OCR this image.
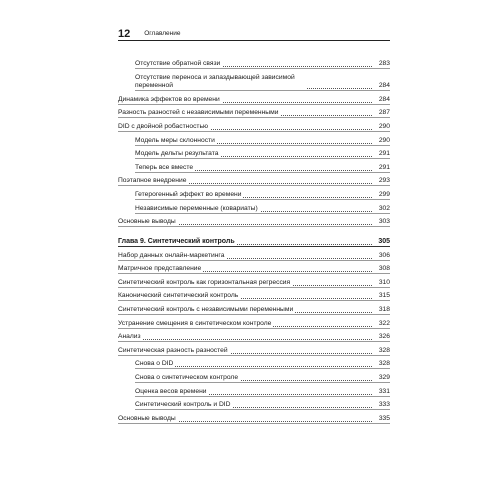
12 Оглавление
Отсутствие обратной связи	283
Отсутствие переноса и запаздывающей зависимой переменной	284
Динамика эффектов во времени	284
Разность разностей с независимыми переменными	287
DID с двойной робастностью	290
Модель меры склонности	290
Модель дельты результата	291
Теперь все вместе	291
Поэтапное внедрение	293
Гетерогенный эффект во времени	299
Независимые переменные (ковариаты)	302
Основные выводы	303
Глава 9. Синтетический контроль	305
Набор данных онлайн-маркетинга	306
Матричное представление	308
Синтетический контроль как горизонтальная регрессия	310
Канонический синтетический контроль	315
Синтетический контроль с независимыми переменными	318
Устранение смещения в синтетическом контроле	322
Анализ	326
Синтетическая разность разностей	328
Снова о DID	328
Снова о синтетическом контроле	329
Оценка весов времени	331
Синтетический контроль и DID	333
Основные выводы	335
